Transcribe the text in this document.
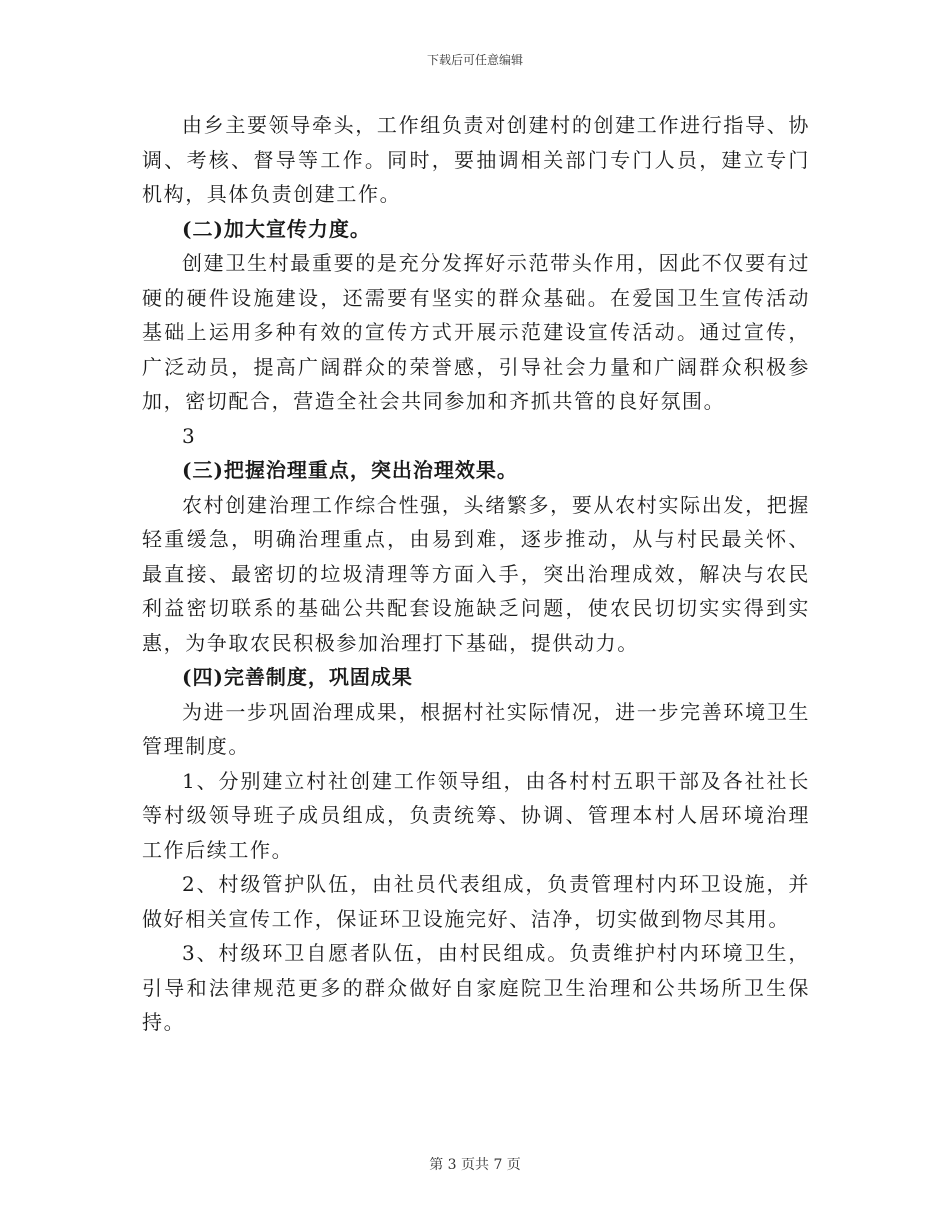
下载后可任意编辑

由乡主要领导牵头，工作组负责对创建村的创建工作进行指导、协调、考核、督导等工作。同时，要抽调相关部门专门人员，建立专门机构，具体负责创建工作。

(二)加大宣传力度。

创建卫生村最重要的是充分发挥好示范带头作用，因此不仅要有过硬的硬件设施建设，还需要有坚实的群众基础。在爱国卫生宣传活动基础上运用多种有效的宣传方式开展示范建设宣传活动。通过宣传，广泛动员，提高广阔群众的荣誉感，引导社会力量和广阔群众积极参加，密切配合，营造全社会共同参加和齐抓共管的良好氛围。

3

(三)把握治理重点，突出治理效果。

农村创建治理工作综合性强，头绪繁多，要从农村实际出发，把握轻重缓急，明确治理重点，由易到难，逐步推动，从与村民最关怀、最直接、最密切的垃圾清理等方面入手，突出治理成效，解决与农民利益密切联系的基础公共配套设施缺乏问题，使农民切切实实得到实惠，为争取农民积极参加治理打下基础，提供动力。

(四)完善制度，巩固成果

为进一步巩固治理成果，根据村社实际情况，进一步完善环境卫生管理制度。

1、分别建立村社创建工作领导组，由各村村五职干部及各社社长等村级领导班子成员组成，负责统筹、协调、管理本村人居环境治理工作后续工作。

2、村级管护队伍，由社员代表组成，负责管理村内环卫设施，并做好相关宣传工作，保证环卫设施完好、洁净，切实做到物尽其用。

3、村级环卫自愿者队伍，由村民组成。负责维护村内环境卫生，引导和法律规范更多的群众做好自家庭院卫生治理和公共场所卫生保持。

第 3 页共 7 页
